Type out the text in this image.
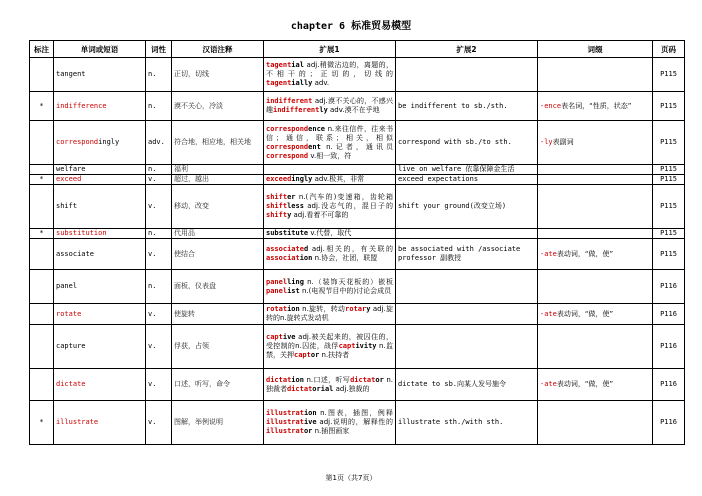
chapter 6 标准贸易模型
标注	单词或短语	词性	汉语注释	扩展1	扩展2	词缀	页码
	tangent	n.	正切，切线	tagential adj.稍微沾边的，离题的，不相干的；正切的，切线的tagentially adv.			P115
*	indifference	n.	漠不关心，冷淡	indifferent adj.漠不关心的，不感兴趣indifferently adv.漠不在乎地	be indifferent to sb./sth.	-ence表名词，“性质，状态”	P115
	correspondingly	adv.	符合地，相应地，相关地	correspondence n.来往信件，往来书信；通信，联系；相关，相似correspondent n.记者，通讯员correspond v.相一致，符	correspond with sb./to sth.	-ly表副词	P115
	welfare	n.	福利		live on welfare 依靠保障金生活		P115
*	exceed	v.	超过，越出	exceedingly adv.极其，非常	exceed expectations		P115
	shift	v.	移动，改变	shifter n.(汽车的)变速箱，齿轮箱shiftless adj.没志气的，混日子的shifty adj.看着不可靠的	shift your ground(改变立场)		P115
*	substitution	n.	代用品	substitute v.代替，取代			P115
	associate	v.	使结合	associated adj.相关的，有关联的association n.协会，社团，联盟	be associated with /associate professor 副教授	-ate表动词，“做，使”	P115
	panel	n.	面板，仪表盘	panelling n.（装饰天花板的）嵌板panelist n.(电视节目中的)讨论会成员			P116
	rotate	v.	使旋转	rotation n.旋转，转动rotary adj.旋转的n.旋转式发动机		-ate表动词，“做，使”	P116
	capture	v.	俘获，占领	captive adj.被关起来的，被囚住的，受控制的n.囚徒，战俘captivity n.监禁，关押captor n.扶持者			P116
	dictate	v.	口述，听写，命令	dictation n.口述，听写dictator n.独裁者dictatorial adj.独裁的	dictate to sb.向某人发号施令	-ate表动词，“做，使”	P116
*	illustrate	v.	图解，举例说明	illustration n.图表，插图，例释illustrative adj.说明的，解释性的illustrator n.插图画家	illustrate sth./with sth.		P116
第1页（共7页）
